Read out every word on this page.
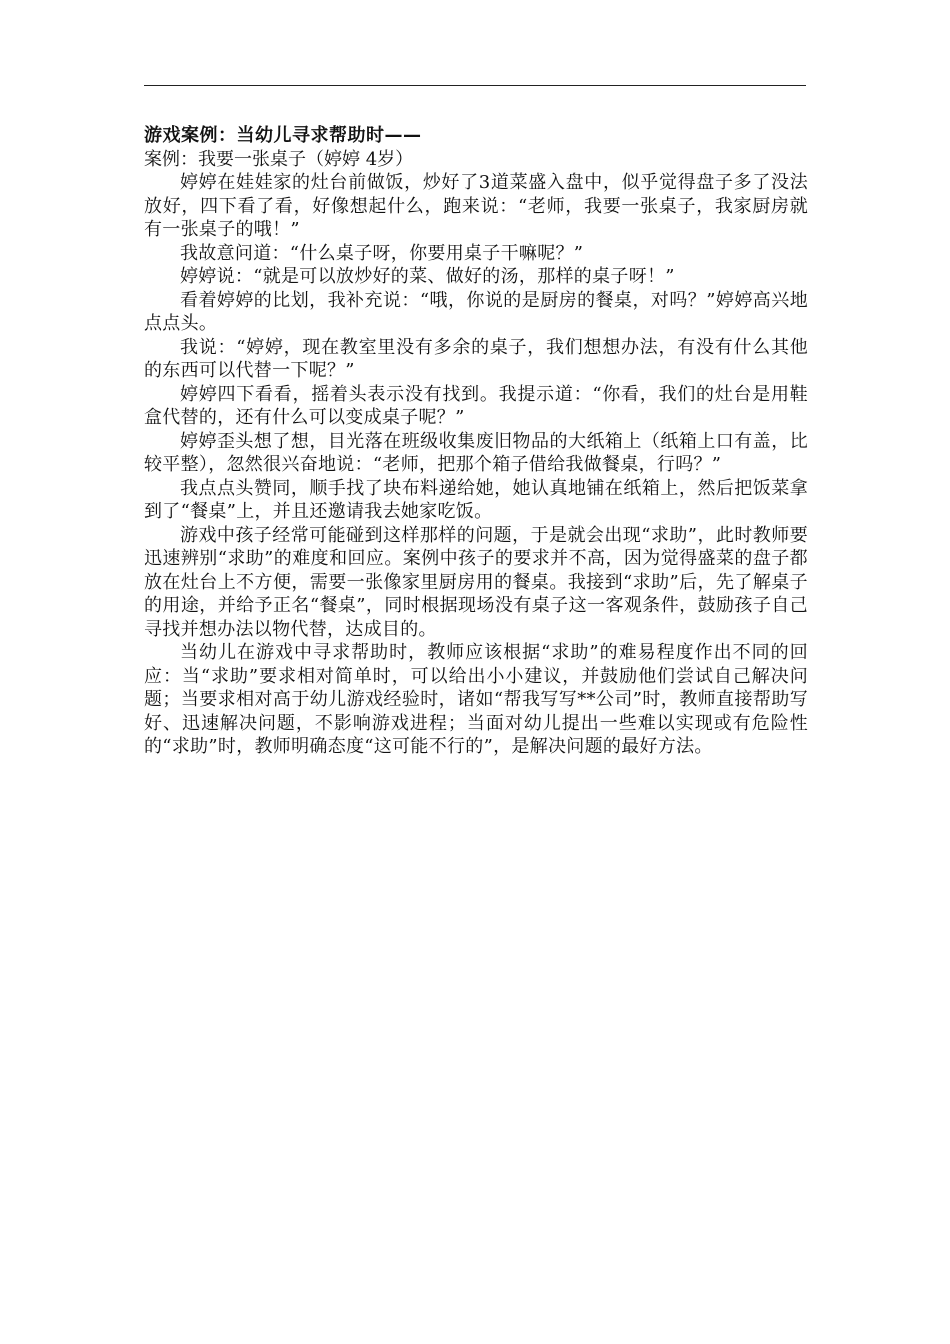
游戏案例：当幼儿寻求帮助时——

案例：我要一张桌子（婷婷 4岁）

婷婷在娃娃家的灶台前做饭，炒好了3道菜盛入盘中，似乎觉得盘子多了没法放好，四下看了看，好像想起什么，跑来说：“老师，我要一张桌子，我家厨房就有一张桌子的哦！”

我故意问道：“什么桌子呀，你要用桌子干嘛呢？”

婷婷说：“就是可以放炒好的菜、做好的汤，那样的桌子呀！”

看着婷婷的比划，我补充说：“哦，你说的是厨房的餐桌，对吗？”婷婷高兴地点点头。

我说：“婷婷，现在教室里没有多余的桌子，我们想想办法，有没有什么其他的东西可以代替一下呢？”

婷婷四下看看，摇着头表示没有找到。我提示道：“你看，我们的灶台是用鞋盒代替的，还有什么可以变成桌子呢？”

婷婷歪头想了想，目光落在班级收集废旧物品的大纸箱上（纸箱上口有盖，比较平整），忽然很兴奋地说：“老师，把那个箱子借给我做餐桌，行吗？”

我点点头赞同，顺手找了块布料递给她，她认真地铺在纸箱上，然后把饭菜拿到了“餐桌”上，并且还邀请我去她家吃饭。

游戏中孩子经常可能碰到这样那样的问题，于是就会出现“求助”，此时教师要迅速辨别“求助”的难度和回应。案例中孩子的要求并不高，因为觉得盛菜的盘子都放在灶台上不方便，需要一张像家里厨房用的餐桌。我接到“求助”后，先了解桌子的用途，并给予正名“餐桌”，同时根据现场没有桌子这一客观条件，鼓励孩子自己寻找并想办法以物代替，达成目的。

当幼儿在游戏中寻求帮助时，教师应该根据“求助”的难易程度作出不同的回应：当“求助”要求相对简单时，可以给出小小建议，并鼓励他们尝试自己解决问题；当要求相对高于幼儿游戏经验时，诸如“帮我写写**公司”时，教师直接帮助写好、迅速解决问题，不影响游戏进程；当面对幼儿提出一些难以实现或有危险性的“求助”时，教师明确态度“这可能不行的”，是解决问题的最好方法。
